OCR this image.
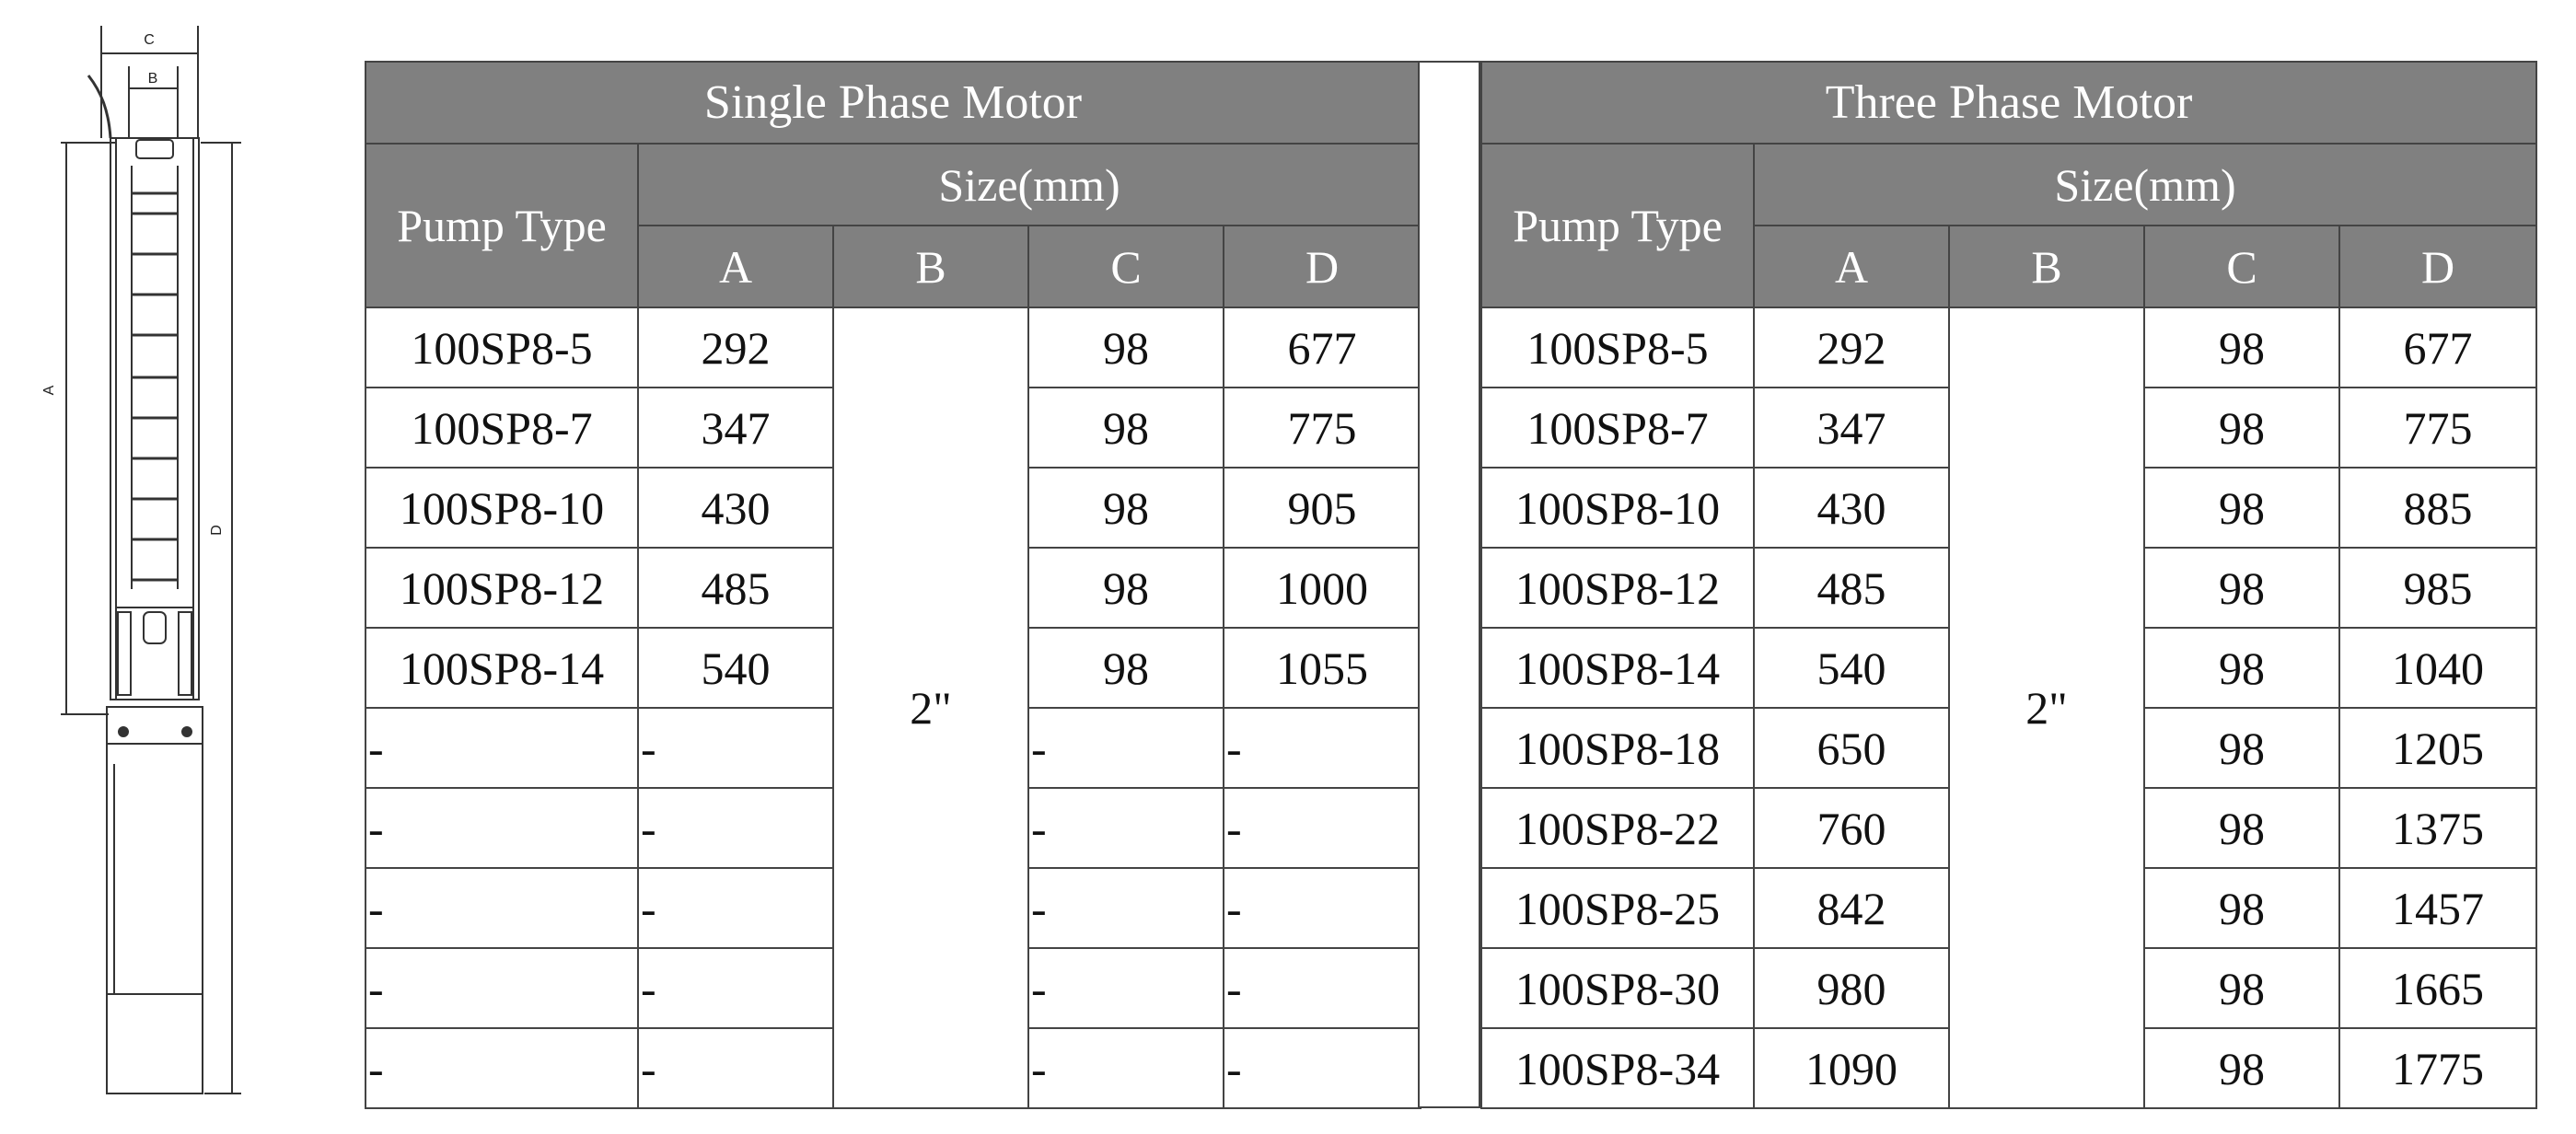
C
B
A
D
Single Phase Motor				
Pump Type	Size(mm)			
	A	B	C	D
100SP8-5	292	2"	98	677
100SP8-7	347		98	775
100SP8-10	430		98	905
100SP8-12	485		98	1000
100SP8-14	540		98	1055
-	-		-	-
-	-		-	-
-	-		-	-
-	-		-	-
-	-		-	-
Three Phase Motor				
Pump Type	Size(mm)			
	A	B	C	D
100SP8-5	292	2"	98	677
100SP8-7	347		98	775
100SP8-10	430		98	885
100SP8-12	485		98	985
100SP8-14	540		98	1040
100SP8-18	650		98	1205
100SP8-22	760		98	1375
100SP8-25	842		98	1457
100SP8-30	980		98	1665
100SP8-34	1090		98	1775
